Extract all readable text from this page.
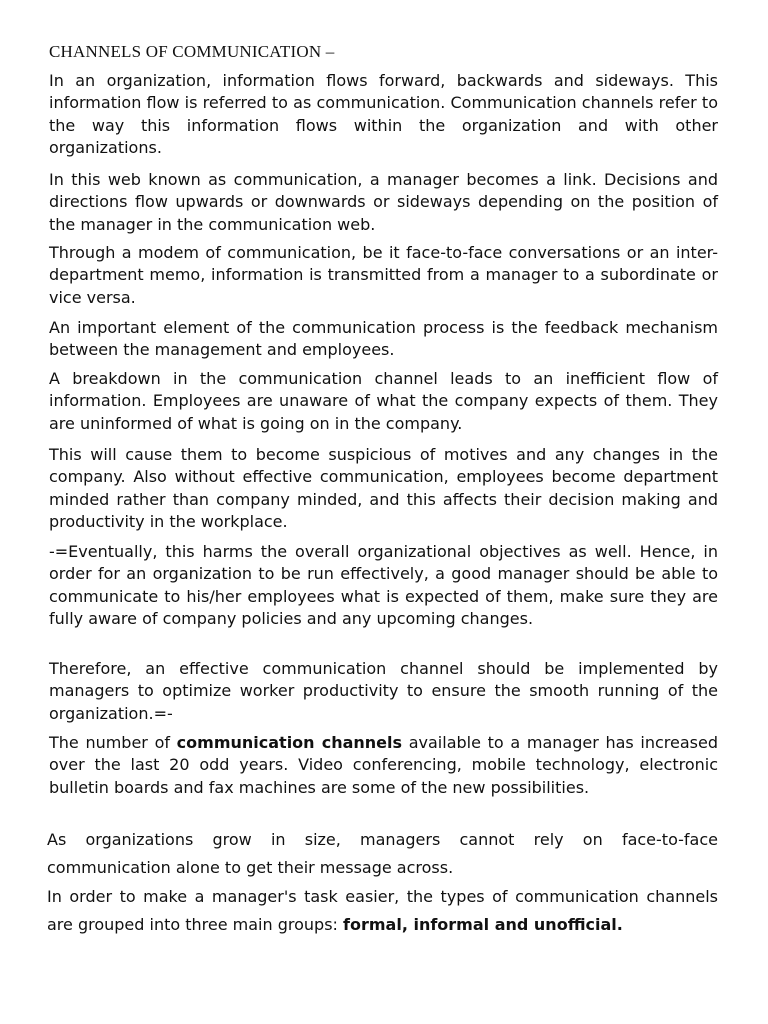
CHANNELS OF COMMUNICATION –

In an organization, information flows forward, backwards and sideways. This information flow is referred to as communication. Communication channels refer to the way this information flows within the organization and with other organizations.

In this web known as communication, a manager becomes a link. Decisions and directions flow upwards or downwards or sideways depending on the position of the manager in the communication web.

Through a modem of communication, be it face-to-face conversations or an inter-department memo, information is transmitted from a manager to a subordinate or vice versa.

An important element of the communication process is the feedback mechanism between the management and employees.

A breakdown in the communication channel leads to an inefficient flow of information. Employees are unaware of what the company expects of them. They are uninformed of what is going on in the company.

This will cause them to become suspicious of motives and any changes in the company. Also without effective communication, employees become department minded rather than company minded, and this affects their decision making and productivity in the workplace.

-=Eventually, this harms the overall organizational objectives as well. Hence, in order for an organization to be run effectively, a good manager should be able to communicate to his/her employees what is expected of them, make sure they are fully aware of company policies and any upcoming changes.

Therefore, an effective communication channel should be implemented by managers to optimize worker productivity to ensure the smooth running of the organization.=-

The number of communication channels available to a manager has increased over the last 20 odd years. Video conferencing, mobile technology, electronic bulletin boards and fax machines are some of the new possibilities.

As organizations grow in size, managers cannot rely on face-to-face communication alone to get their message across.

In order to make a manager's task easier, the types of communication channels are grouped into three main groups: formal, informal and unofficial.
